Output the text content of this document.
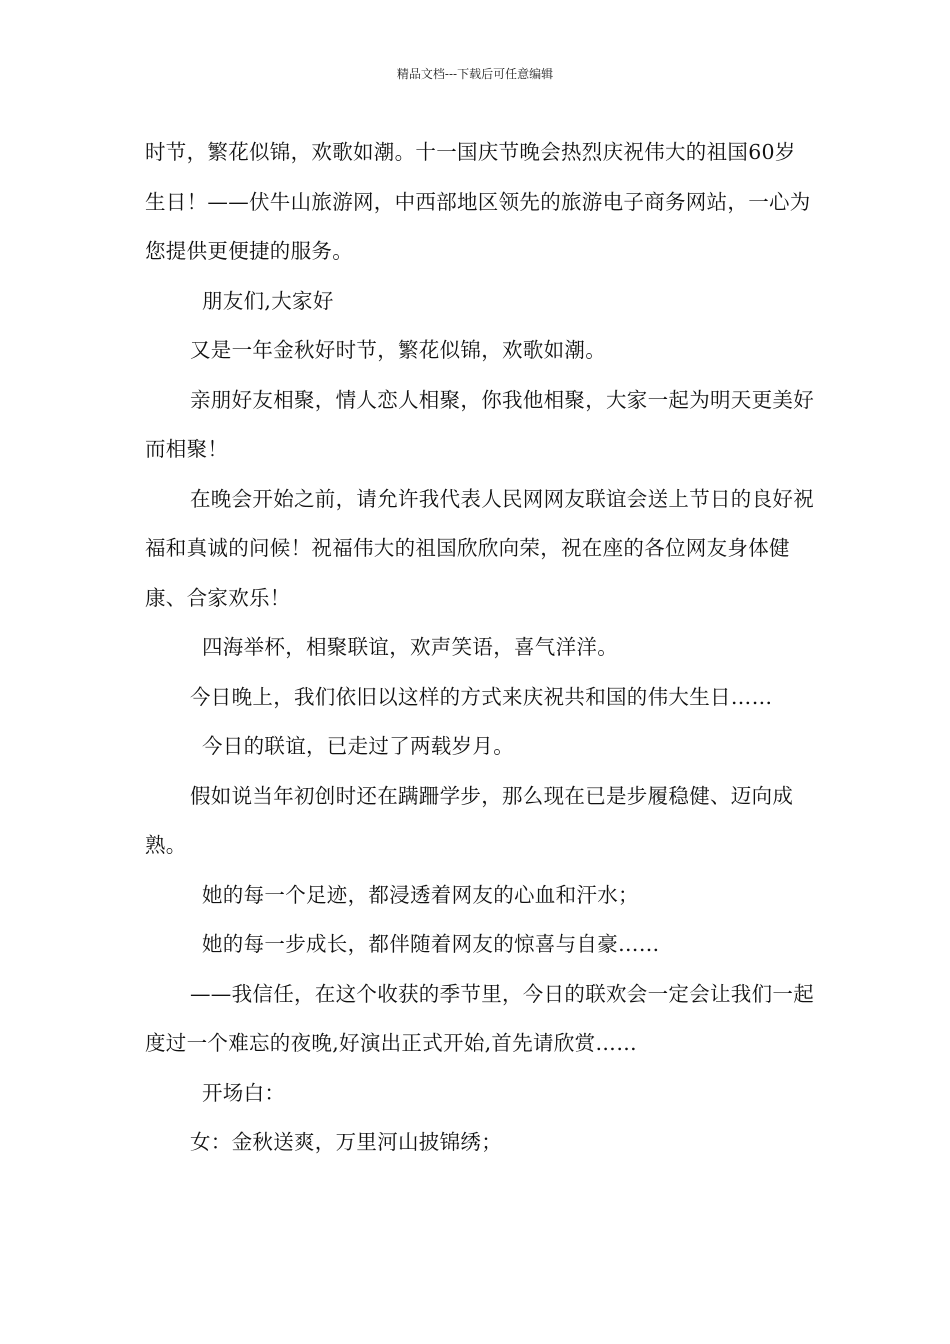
精品文档---下载后可任意编辑

时节，繁花似锦，欢歌如潮。十一国庆节晚会热烈庆祝伟大的祖国60岁生日！——伏牛山旅游网，中西部地区领先的旅游电子商务网站，一心为您提供更便捷的服务。

朋友们,大家好

又是一年金秋好时节，繁花似锦，欢歌如潮。

亲朋好友相聚，情人恋人相聚，你我他相聚，大家一起为明天更美好而相聚！

在晚会开始之前，请允许我代表人民网网友联谊会送上节日的良好祝福和真诚的问候！祝福伟大的祖国欣欣向荣，祝在座的各位网友身体健康、合家欢乐！

四海举杯，相聚联谊，欢声笑语，喜气洋洋。

今日晚上，我们依旧以这样的方式来庆祝共和国的伟大生日……

今日的联谊，已走过了两载岁月。

假如说当年初创时还在蹒跚学步，那么现在已是步履稳健、迈向成熟。

她的每一个足迹，都浸透着网友的心血和汗水；

她的每一步成长，都伴随着网友的惊喜与自豪……

——我信任，在这个收获的季节里，今日的联欢会一定会让我们一起度过一个难忘的夜晚,好演出正式开始,首先请欣赏……

开场白：

女：金秋送爽，万里河山披锦绣；
